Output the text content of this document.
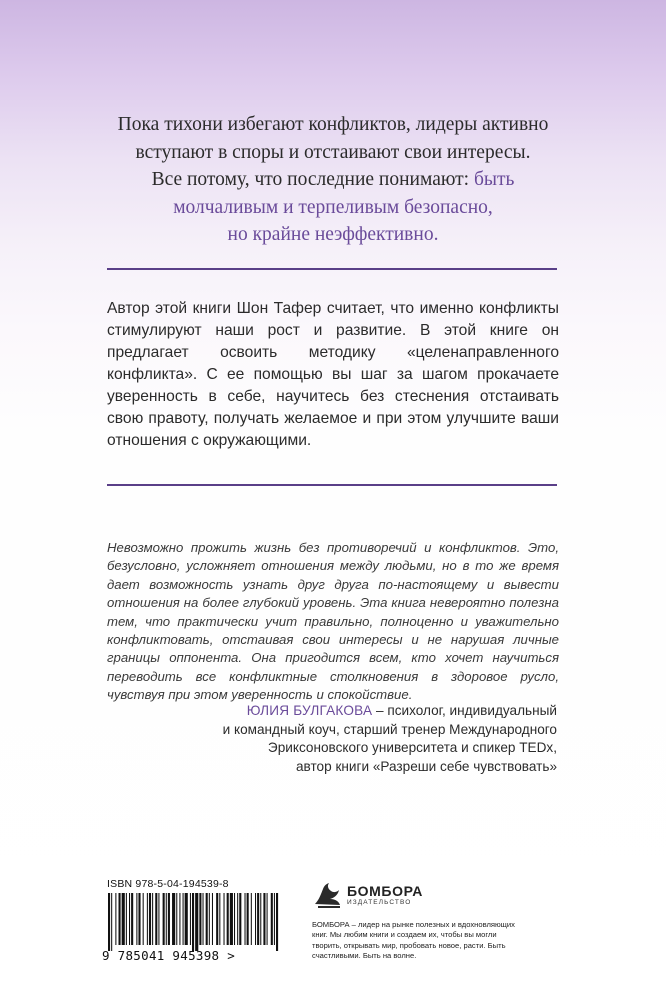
Пока тихони избегают конфликтов, лидеры активно
вступают в споры и отстаивают свои интересы.
Все потому, что последние понимают: быть
молчаливым и терпеливым безопасно,
но крайне неэффективно.

Автор этой книги Шон Тафер считает, что именно конфликты стимулируют наши рост и развитие. В этой книге он предлагает освоить методику «целенаправленного конфликта». С ее помощью вы шаг за шагом прокачаете уверенность в себе, научитесь без стеснения отстаивать свою правоту, получать желаемое и при этом улучшите ваши отношения с окружающими.

Невозможно прожить жизнь без противоречий и конфликтов. Это, безусловно, усложняет отношения между людьми, но в то же время дает возможность узнать друг друга по-настоящему и вывести отношения на более глубокий уровень. Эта книга невероятно полезна тем, что практически учит правильно, полноценно и уважительно конфликтовать, отстаивая свои интересы и не нарушая личные границы оппонента. Она пригодится всем, кто хочет научиться переводить все конфликтные столкновения в здоровое русло, чувствуя при этом уверенность и спокойствие.

ЮЛИЯ БУЛГАКОВА – психолог, индивидуальный
и командный коуч, старший тренер Международного
Эриксоновского университета и спикер TEDx,
автор книги «Разреши себе чувствовать»

ISBN 978-5-04-194539-8
9 785041 945398 >
БОМБОРА
ИЗДАТЕЛЬСТВО

БОМБОРА – лидер на рынке полезных и вдохновляющих книг. Мы любим книги и создаем их, чтобы вы могли творить, открывать мир, пробовать новое, расти. Быть счастливыми. Быть на волне.
